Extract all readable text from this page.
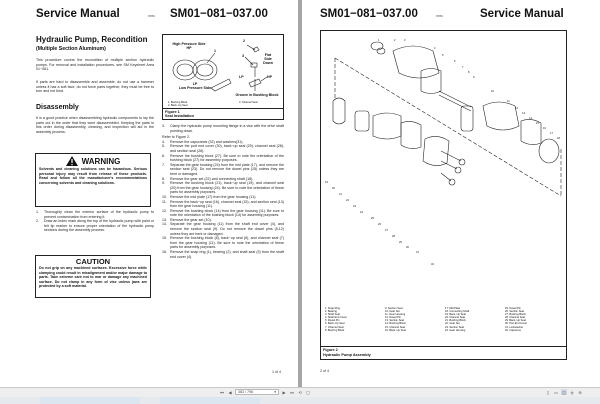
Service Manual	0784 SM01−081−037.00
Hydraulic Pump, Recondition
(Multiple Section Aluminum)
This procedure covers the recondition of multiple section hydraulic pumps. For removal and installation procedures, see SM Keysheet Area 01−081.
If parts are hard to disassemble and assemble, do not use a hammer unless it has a soft face, do not force parts together, they must be free to turn and not bind.
Disassembly
It is a good practice when disassembling hydraulic components to lay the parts out in the order that they were disassembled. Keeping the parts in this order during disassembly, cleaning, and inspection will aid in the assembly process.
WARNING
Solvents and cleaning solutions can be hazardous. Serious personal injury may result from release of these products. Read and follow all the manufacturer's recommendations concerning solvents and cleaning solutions.
1.	Thoroughly clean the exterior surface of the hydraulic pump to prevent contamination from entering it.
2.	Draw an index mark along the top of the hydraulic pump with paint or felt tip marker to ensure proper orientation of the hydraulic pump sections during the assembly process.
CAUTION
Do not grip on any machined surfaces. Excessive force while clamping could result in misalignment and/or major damage to parts. Take extreme care not to mar or damage any machined surface. Do not clamp in any form of vise unless jaws are protected by a soft material.
High Pressure Side
HP
1
2
3
LP
Low Pressure Side
Flat Side Down
LP	HP
Groove in Bushing Block
1. Bushing Block
2. Back−Up Seal
3. Channel Seal
Figure 1
Seal Installation
3.	Clamp the hydraulic pump mounting flange in a vise with the drive shaft pointing down.
Refer to Figure 2.
4.	Remove the capscrews (32) and washers(31).
5.	Remove the port end cover (30), back−up seal (29), channel seal (28), and section seal (26).
6.	Remove the bushing block (27). Be sure to note the orientation of the bushing block (27) for assembly purposes.
7.	Separate the gear housing (24) from the mid plate (17), and remove the section seal (23). Do not remove the dowel pins (25) unless they are bent or damaged.
8.	Remove the gear set (22) and connecting shaft (18).
9.	Remove the bushing block (21), back−up seal (19), and channel seal (20) from the gear housing (24). Be sure to note the orientation of these parts for assembly purposes.
10. Remove the mid plate (17) from the gear housing (11).
11. Remove the back−up seal (16), channel seal (15), and section seal (13) from the gear housing (11).
12. Remove the bushing block (14) from the gear housing (11). Be sure to note the orientation of the bushing block (14) for assembly purposes.
13. Remove the gear set (10).
14. Separate the gear housing (11) from the shaft end cover (4), and remove the section seal (9). Do not remove the dowel pins (5,12) unless they are bent or damaged.
15. Remove the bushing block (8), back−up seal (6), and channel seal (7) from the gear housing (11). Be sure to note the orientation of these parts for assembly purposes.
16. Remove the snap ring (1), bearing (2), and shaft seal (3) from the shaft end cover (4).
1 of 4
SM01−081−037.00	0784	Service Manual
1	2	3
4
5
6
7
8
9
10
11
12
13
14
15
16
17
18
19
20
21
22
23
24
25
26
27
28
29
30
31
32
1. Snap Ring
2. Bearing
3. Shaft Seal
4. Shaft End Cover
5. Dowel Pin
6. Back−Up Seal
7. Channel Seal
8. Bushing Block
9. Section Seal
10. Gear Set
11. Gear Housing
12. Dowel Pin
13. Section Seal
14. Bushing Block
15. Channel Seal
16. Back−Up Seal
17. Mid Plate
18. Connecting Shaft
19. Back−Up Seal
20. Channel Seal
21. Bushing Block
22. Gear Set
23. Section Seal
24. Gear Housing
25. Dowel Pin
26. Section Seal
27. Bushing Block
28. Channel Seal
29. Back−Up Seal
30. Port End Cover
31. Lockwasher
32. Capscrew
Figure 2
Hydraulic Pump Assembly
2 of 4
⏮	◀	383 / 796	▾	▶	⏭	⟲	▢	▯	▭ ◫	╪	⊕
